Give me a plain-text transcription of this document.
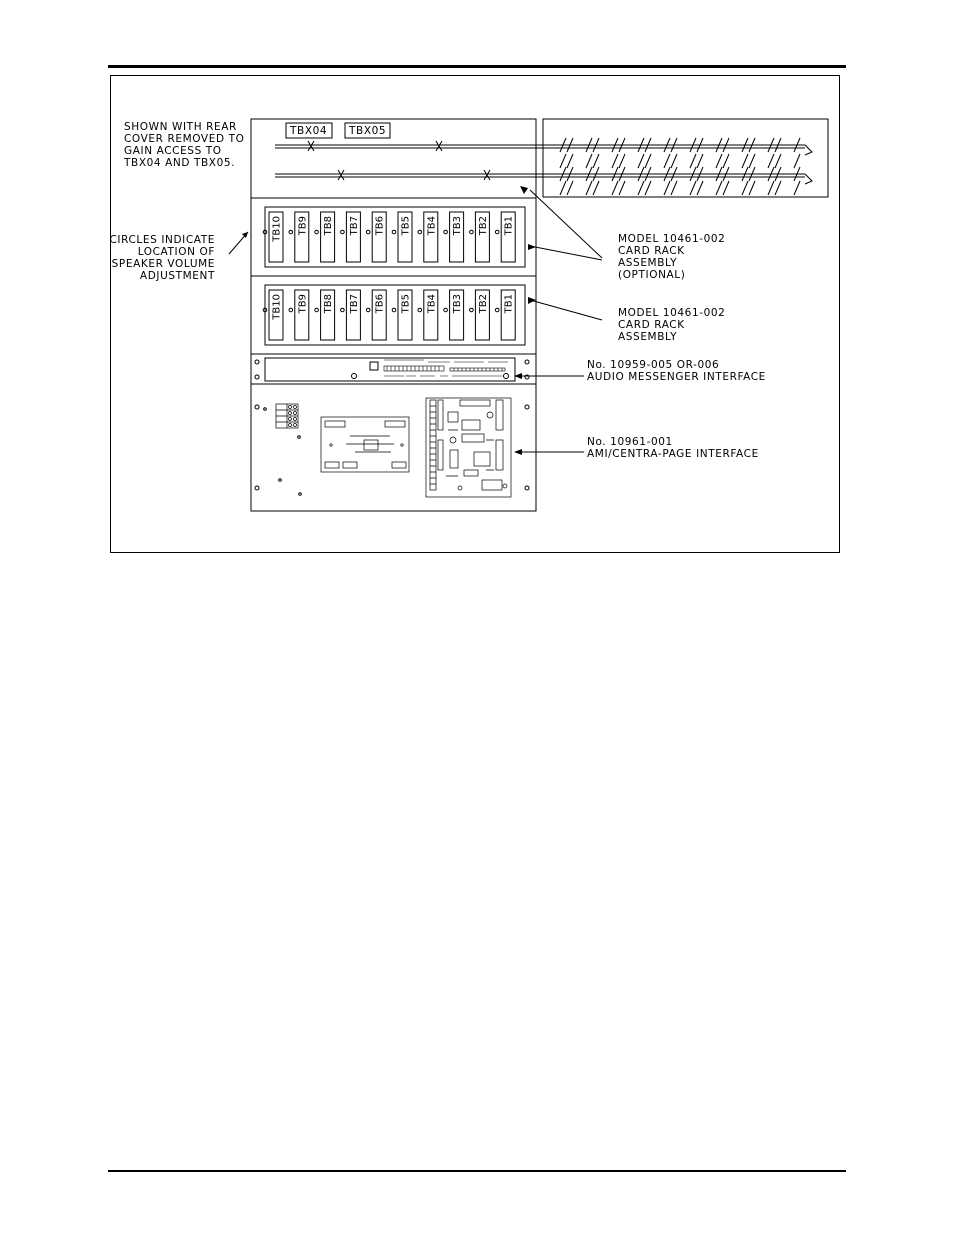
TB10 TB9 TB8 TB7 TB6 TB5 TB4 TB3 TB2 TB1
TB10 TB9 TB8 TB7 TB6 TB5 TB4 TB3 TB2 TB1
TBX04 TBX05
SHOWN WITH REAR
COVER REMOVED TO
GAIN ACCESS TO
TBX04 AND TBX05.
CIRCLES INDICATE
LOCATION OF
SPEAKER VOLUME
ADJUSTMENT
MODEL 10461-002
CARD RACK
ASSEMBLY
(OPTIONAL)
MODEL 10461-002
CARD RACK
ASSEMBLY
No. 10959-005 OR-006
AUDIO MESSENGER INTERFACE
No. 10961-001
AMI/CENTRA-PAGE INTERFACE
